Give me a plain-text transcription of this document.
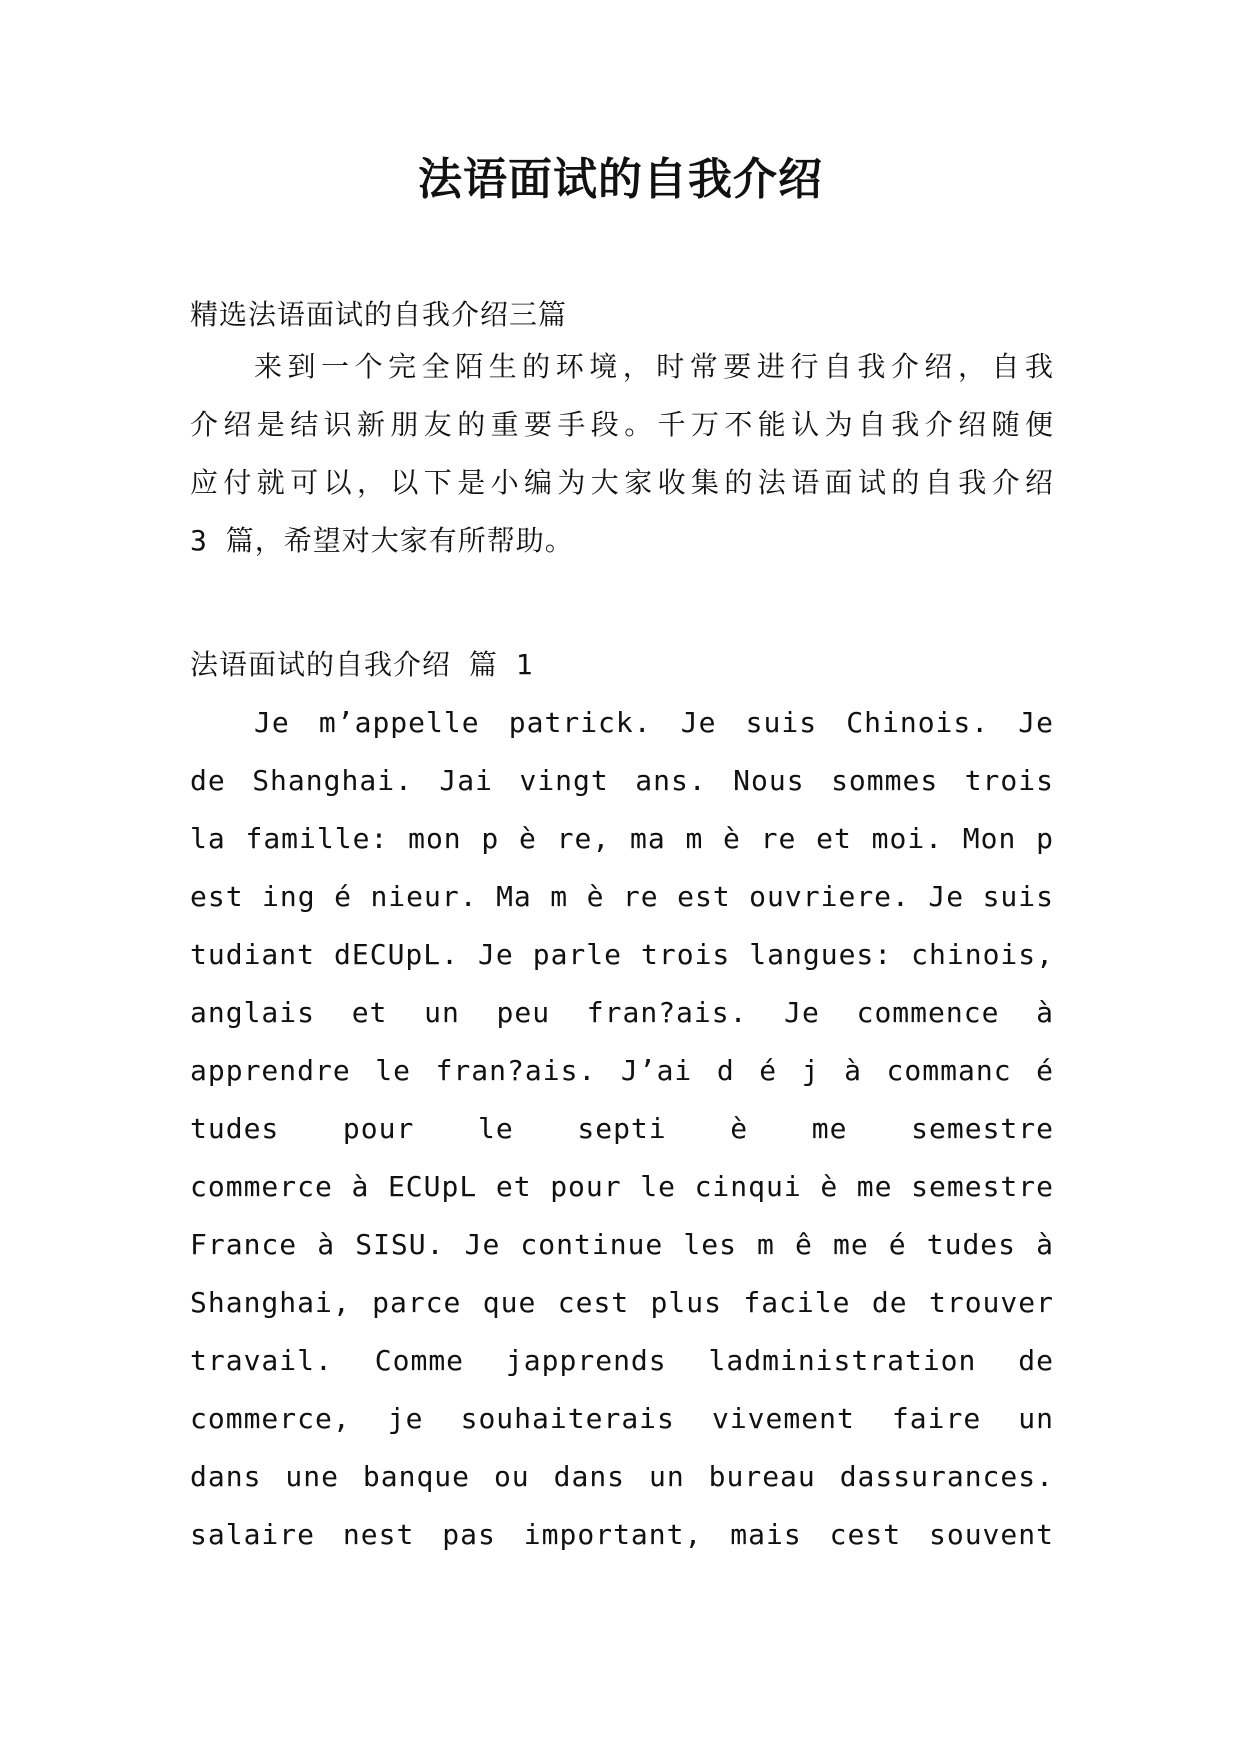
法语面试的自我介绍
精选法语面试的自我介绍三篇
来到一个完全陌生的环境，时常要进行自我介绍，自我
介绍是结识新朋友的重要手段。千万不能认为自我介绍随便
应付就可以，以下是小编为大家收集的法语面试的自我介绍
3 篇，希望对大家有所帮助。
法语面试的自我介绍 篇 1
Je m’appelle patrick. Je suis Chinois. Je
de Shanghai. Jai vingt ans. Nous sommes trois
la famille: mon p è re, ma m è re et moi. Mon p
est ing é nieur. Ma m è re est ouvriere. Je suis
tudiant dECUpL. Je parle trois langues: chinois,
anglais et un peu fran?ais. Je commence à
apprendre le fran?ais. J’ai d é j à commanc é
tudes pour le septi è me semestre
commerce à ECUpL et pour le cinqui è me semestre
France à SISU. Je continue les m ê me é tudes à
Shanghai, parce que cest plus facile de trouver
travail. Comme japprends ladministration de
commerce, je souhaiterais vivement faire un
dans une banque ou dans un bureau dassurances.
salaire nest pas important, mais cest souvent
